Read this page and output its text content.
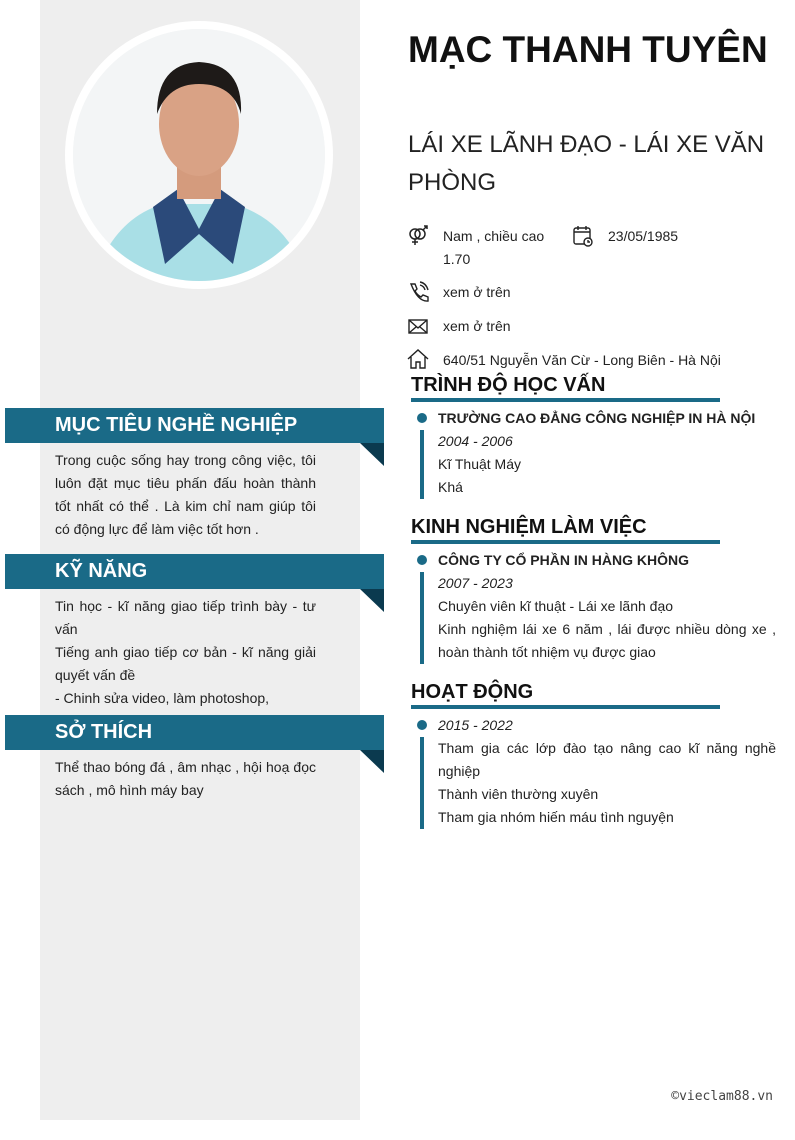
MỤC TIÊU NGHỀ NGHIỆP
Trong cuộc sống hay trong công việc, tôi luôn đặt mục tiêu phấn đấu hoàn thành tốt nhất có thể . Là kim chỉ nam giúp tôi có động lực để làm việc tốt hơn .
KỸ NĂNG
Tin học - kĩ năng giao tiếp trình bày - tư vấn
Tiếng anh giao tiếp cơ bản - kĩ năng giải quyết vấn đề
- Chinh sửa video, làm photoshop,
SỞ THÍCH
Thể thao bóng đá , âm nhạc , hội hoạ đọc sách , mô hình máy bay
MẠC THANH TUYÊN
LÁI XE LÃNH ĐẠO - LÁI XE VĂN PHÒNG
Nam , chiều cao 1.70
23/05/1985
xem ở trên
xem ở trên
640/51 Nguyễn Văn Cừ - Long Biên - Hà Nội
TRÌNH ĐỘ HỌC VẤN
TRƯỜNG CAO ĐẲNG CÔNG NGHIỆP IN HÀ NỘI
2004 - 2006
Kĩ Thuật Máy
Khá
KINH NGHIỆM LÀM VIỆC
CÔNG TY CỔ PHẦN IN HÀNG KHÔNG
2007 - 2023
Chuyên viên kĩ thuật - Lái xe lãnh đạo
Kinh nghiệm lái xe 6 năm , lái được nhiều dòng xe , hoàn thành tốt nhiệm vụ được giao
HOẠT ĐỘNG
2015 - 2022
Tham gia các lớp đào tạo nâng cao kĩ năng nghề nghiệp
Thành viên thường xuyên
Tham gia nhóm hiến máu tình nguyện
©vieclam88.vn
